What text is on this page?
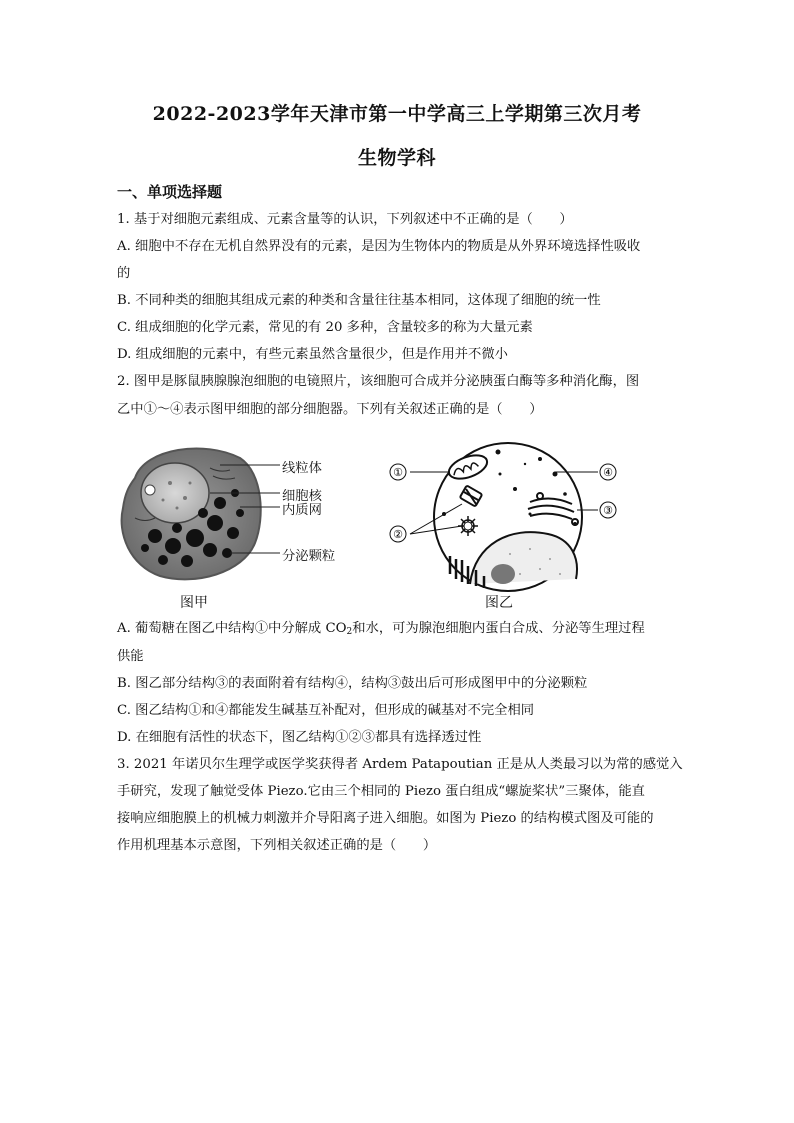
2022-2023学年天津市第一中学高三上学期第三次月考
生物学科
一、单项选择题
1. 基于对细胞元素组成、元素含量等的认识，下列叙述中不正确的是（　　）
A. 细胞中不存在无机自然界没有的元素，是因为生物体内的物质是从外界环境选择性吸收
的
B. 不同种类的细胞其组成元素的种类和含量往往基本相同，这体现了细胞的统一性
C. 组成细胞的化学元素，常见的有 20 多种，含量较多的称为大量元素
D. 组成细胞的元素中，有些元素虽然含量很少，但是作用并不微小
2. 图甲是豚鼠胰腺腺泡细胞的电镜照片，该细胞可合成并分泌胰蛋白酶等多种消化酶，图
乙中①～④表示图甲细胞的部分细胞器。下列有关叙述正确的是（　　）
线粒体
细胞核
内质网
分泌颗粒
①
②
③
④
图甲	图乙
A. 葡萄糖在图乙中结构①中分解成 $CO_2$和水，可为腺泡细胞内蛋白合成、分泌等生理过程
供能
B. 图乙部分结构③的表面附着有结构④，结构③鼓出后可形成图甲中的分泌颗粒
C. 图乙结构①和④都能发生碱基互补配对，但形成的碱基对不完全相同
D. 在细胞有活性的状态下，图乙结构①②③都具有选择透过性
3. 2021 年诺贝尔生理学或医学奖获得者 Ardem Patapoutian 正是从人类最习以为常的感觉入
手研究，发现了触觉受体 Piezo.它由三个相同的 Piezo 蛋白组成“螺旋桨状”三聚体，能直
接响应细胞膜上的机械力刺激并介导阳离子进入细胞。如图为 Piezo 的结构模式图及可能的
作用机理基本示意图，下列相关叙述正确的是（　　）
